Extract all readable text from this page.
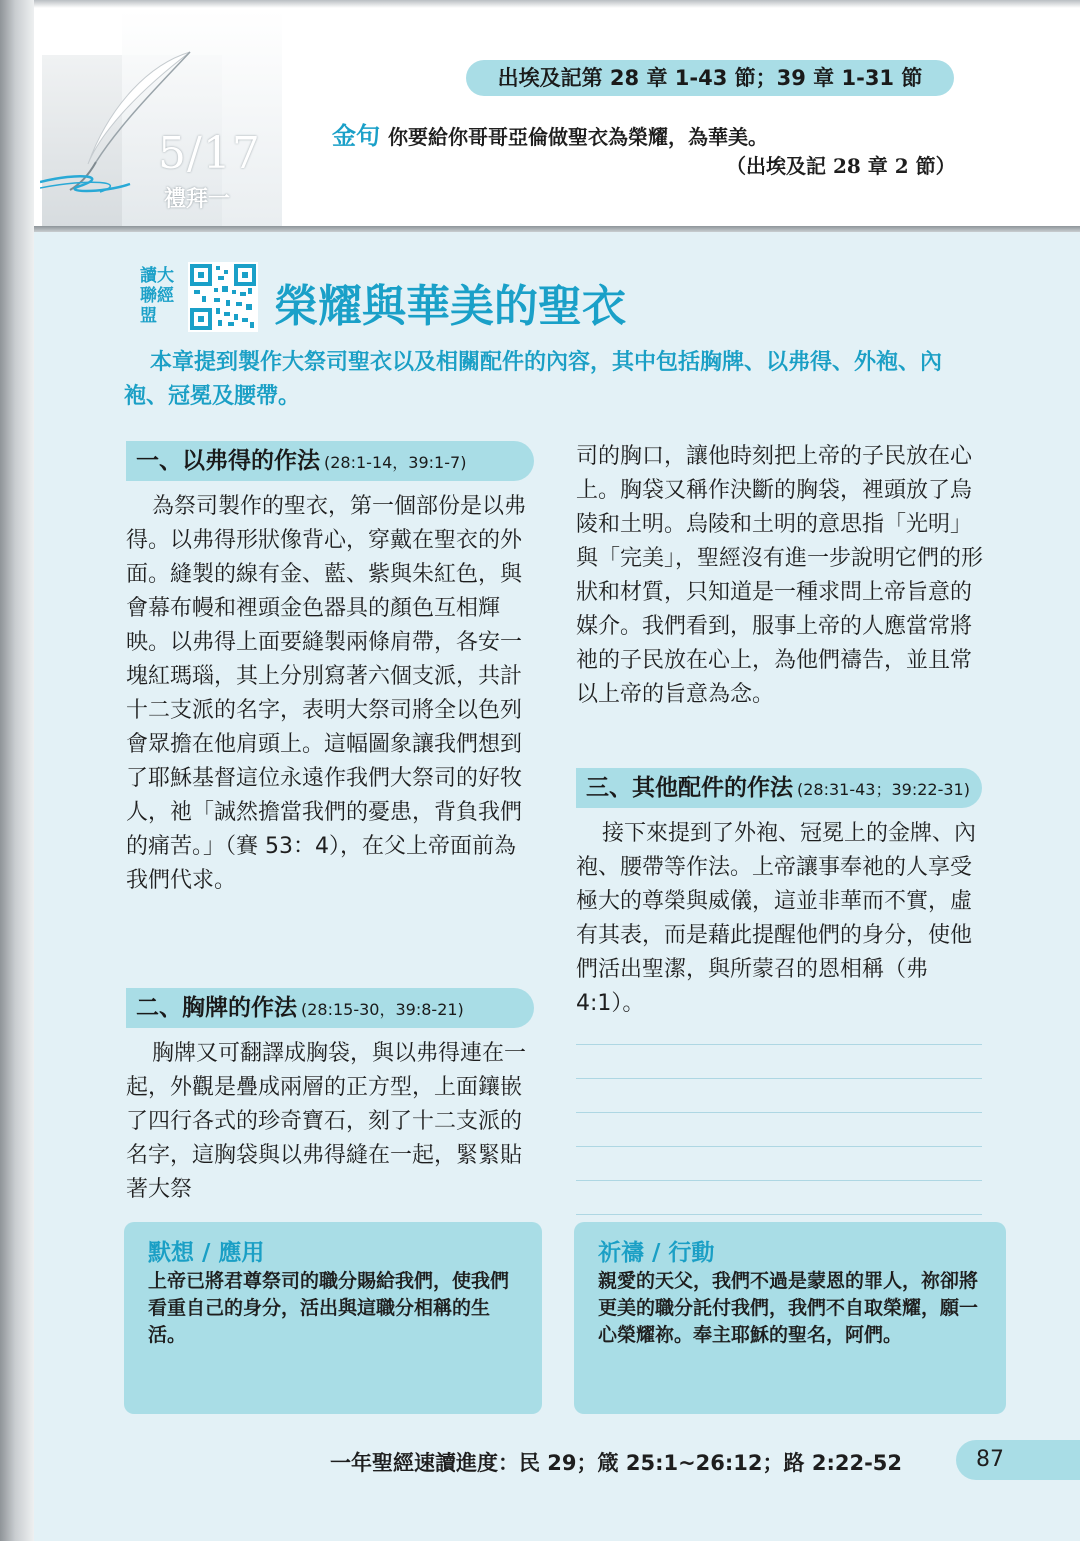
5/17
禮拜一
出埃及記第 28 章 1-43 節；39 章 1-31 節
金句 你要給你哥哥亞倫做聖衣為榮耀，為華美。
（出埃及記 28 章 2 節）
讀大聯經盟	榮耀與華美的聖衣
本章提到製作大祭司聖衣以及相關配件的內容，其中包括胸牌、以弗得、外袍、內袍、冠冕及腰帶。
一、以弗得的作法 (28:1-14，39:1-7)
為祭司製作的聖衣，第一個部份是以弗得。以弗得形狀像背心，穿戴在聖衣的外面。縫製的線有金、藍、紫與朱紅色，與會幕布幔和裡頭金色器具的顏色互相輝映。以弗得上面要縫製兩條肩帶，各安一塊紅瑪瑙，其上分別寫著六個支派，共計十二支派的名字，表明大祭司將全以色列會眾擔在他肩頭上。這幅圖象讓我們想到了耶穌基督這位永遠作我們大祭司的好牧人，祂「誠然擔當我們的憂患，背負我們的痛苦。」（賽 53：4），在父上帝面前為我們代求。
二、胸牌的作法 (28:15-30，39:8-21)
胸牌又可翻譯成胸袋，與以弗得連在一起，外觀是疊成兩層的正方型，上面鑲嵌了四行各式的珍奇寶石，刻了十二支派的名字，這胸袋與以弗得縫在一起，緊緊貼著大祭
司的胸口，讓他時刻把上帝的子民放在心上。胸袋又稱作決斷的胸袋，裡頭放了烏陵和土明。烏陵和土明的意思指「光明」與「完美」，聖經沒有進一步說明它們的形狀和材質，只知道是一種求問上帝旨意的媒介。我們看到，服事上帝的人應當常將祂的子民放在心上，為他們禱告，並且常以上帝的旨意為念。
三、其他配件的作法 (28:31-43；39:22-31)
接下來提到了外袍、冠冕上的金牌、內袍、腰帶等作法。上帝讓事奉祂的人享受極大的尊榮與威儀，這並非華而不實，虛有其表，而是藉此提醒他們的身分，使他們活出聖潔，與所蒙召的恩相稱（弗 4:1）。
默想 / 應用
上帝已將君尊祭司的職分賜給我們，使我們看重自己的身分，活出與這職分相稱的生活。
祈禱 / 行動
親愛的天父，我們不過是蒙恩的罪人，祢卻將更美的職分託付我們，我們不自取榮耀，願一心榮耀祢。奉主耶穌的聖名，阿們。
一年聖經速讀進度：民 29；箴 25:1~26:12；路 2:22-52	87
